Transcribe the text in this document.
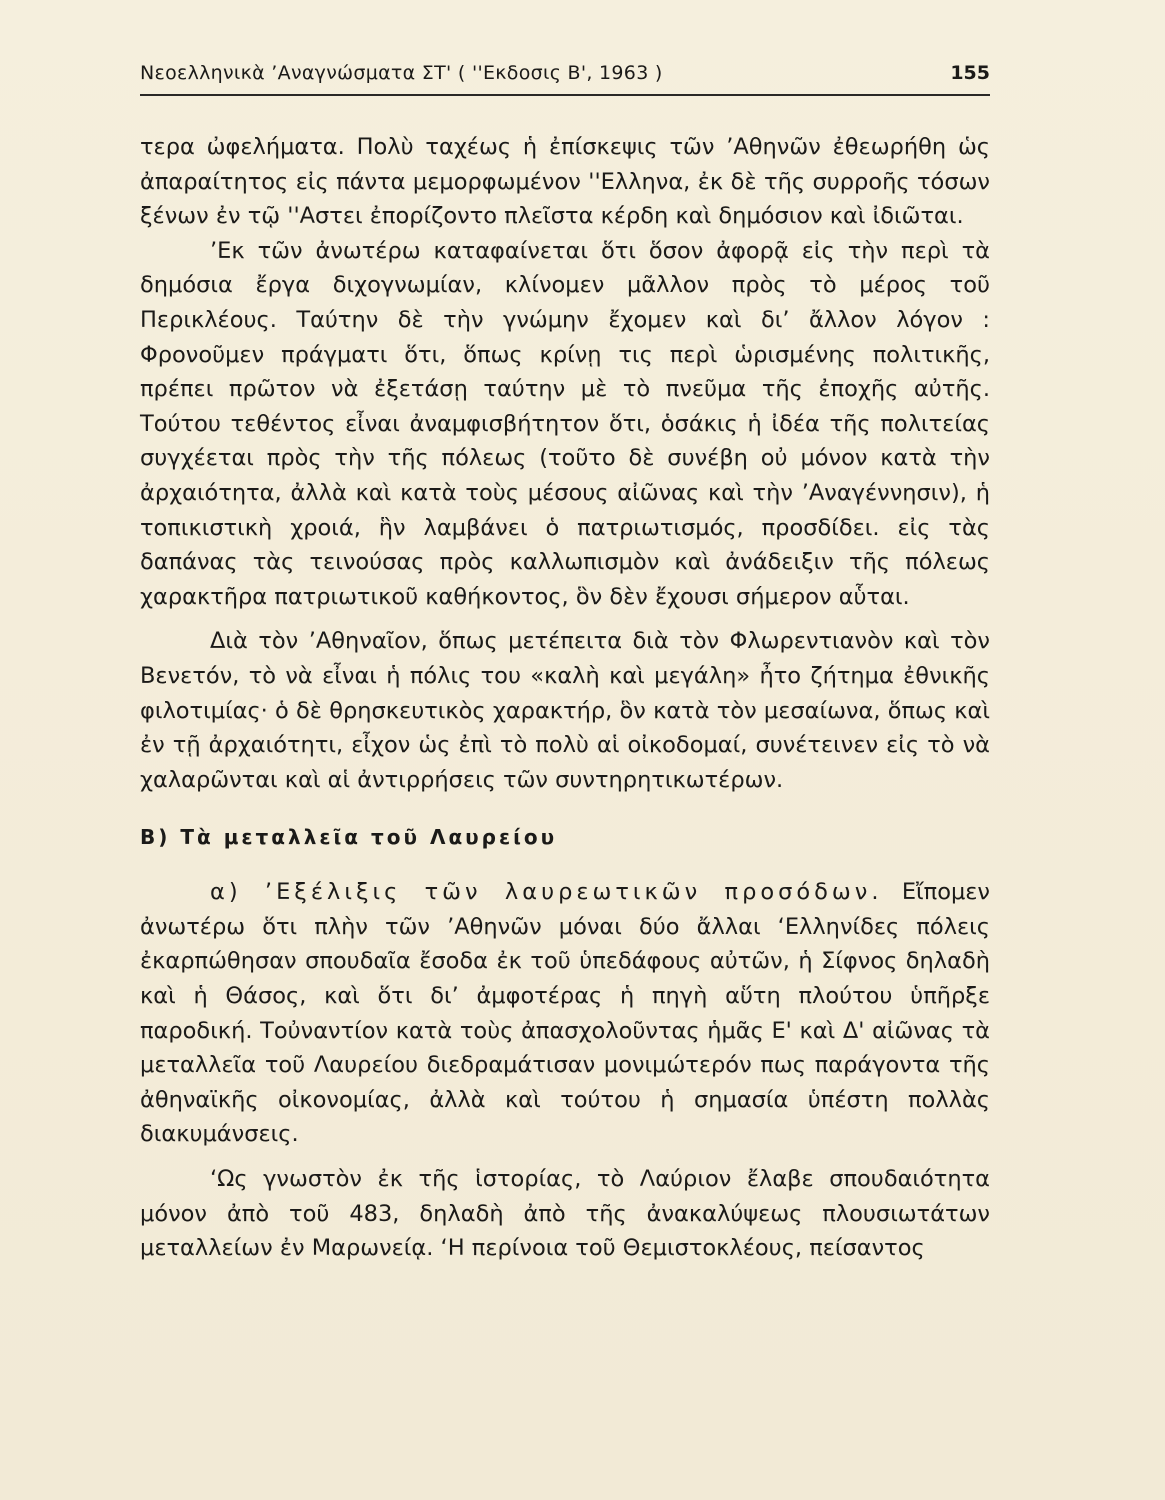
Νεοελληνικὰ ’Αναγνώσματα ΣΤ' ( ''Εκδοσις Β', 1963 )	155

τερα ὠφελήματα. Πολὺ ταχέως ἡ ἐπίσκεψις τῶν ’Αθηνῶν ἐθεωρήθη ὡς ἀπαραίτητος εἰς πάντα μεμορφωμένον ''Ελληνα, ἐκ δὲ τῆς συρροῆς τόσων ξένων ἐν τῷ ''Αστει ἐπορίζοντο πλεῖστα κέρδη καὶ δημόσιον καὶ ἰδιῶται.

’Εκ τῶν ἀνωτέρω καταφαίνεται ὅτι ὅσον ἀφορᾷ εἰς τὴν περὶ τὰ δημόσια ἔργα διχογνωμίαν, κλίνομεν μᾶλλον πρὸς τὸ μέρος τοῦ Περικλέους. Ταύτην δὲ τὴν γνώμην ἔχομεν καὶ δι’ ἄλλον λόγον : Φρονοῦμεν πράγματι ὅτι, ὅπως κρίνῃ τις περὶ ὡρισμένης πολιτικῆς, πρέπει πρῶτον νὰ ἐξετάσῃ ταύτην μὲ τὸ πνεῦμα τῆς ἐποχῆς αὐτῆς. Τούτου τεθέντος εἶναι ἀναμφισβήτητον ὅτι, ὁσάκις ἡ ἰδέα τῆς πολιτείας συγχέεται πρὸς τὴν τῆς πόλεως (τοῦτο δὲ συνέβη οὐ μόνον κατὰ τὴν ἀρχαιότητα, ἀλλὰ καὶ κατὰ τοὺς μέσους αἰῶνας καὶ τὴν ’Αναγέννησιν), ἡ τοπικιστικὴ χροιά, ἣν λαμβάνει ὁ πατριωτισμός, προσδίδει. εἰς τὰς δαπάνας τὰς τεινούσας πρὸς καλλωπισμὸν καὶ ἀνάδειξιν τῆς πόλεως χαρακτῆρα πατριωτικοῦ καθήκοντος, ὃν δὲν ἔχουσι σήμερον αὗται.

Διὰ τὸν ’Αθηναῖον, ὅπως μετέπειτα διὰ τὸν Φλωρεντιανὸν καὶ τὸν Βενετόν, τὸ νὰ εἶναι ἡ πόλις του «καλὴ καὶ μεγάλη» ἦτο ζήτημα ἐθνικῆς φιλοτιμίας· ὁ δὲ θρησκευτικὸς χαρακτήρ, ὃν κατὰ τὸν μεσαίωνα, ὅπως καὶ ἐν τῇ ἀρχαιότητι, εἶχον ὡς ἐπὶ τὸ πολὺ αἱ οἰκοδομαί, συνέτεινεν εἰς τὸ νὰ χαλαρῶνται καὶ αἱ ἀντιρρήσεις τῶν συντηρητικωτέρων.

Β) Τὰ μεταλλεῖα τοῦ Λαυρείου

α) ’Εξέλιξις τῶν λαυρεωτικῶν προσόδων. Εἴπομεν ἀνωτέρω ὅτι πλὴν τῶν ’Αθηνῶν μόναι δύο ἄλλαι ‘Ελληνίδες πόλεις ἐκαρπώθησαν σπουδαῖα ἔσοδα ἐκ τοῦ ὑπεδάφους αὐτῶν, ἡ Σίφνος δηλαδὴ καὶ ἡ Θάσος, καὶ ὅτι δι’ ἀμφοτέρας ἡ πηγὴ αὕτη πλούτου ὑπῆρξε παροδική. Τοὐναντίον κατὰ τοὺς ἀπασχολοῦντας ἡμᾶς Ε' καὶ Δ' αἰῶνας τὰ μεταλλεῖα τοῦ Λαυρείου διεδραμάτισαν μονιμώτερόν πως παράγοντα τῆς ἀθηναϊκῆς οἰκονομίας, ἀλλὰ καὶ τούτου ἡ σημασία ὑπέστη πολλὰς διακυμάνσεις.

‘Ως γνωστὸν ἐκ τῆς ἱστορίας, τὸ Λαύριον ἔλαβε σπουδαιότητα μόνον ἀπὸ τοῦ 483, δηλαδὴ ἀπὸ τῆς ἀνακαλύψεως πλουσιωτάτων μεταλλείων ἐν Μαρωνείᾳ. ‘Η περίνοια τοῦ Θεμιστοκλέους, πείσαντος
